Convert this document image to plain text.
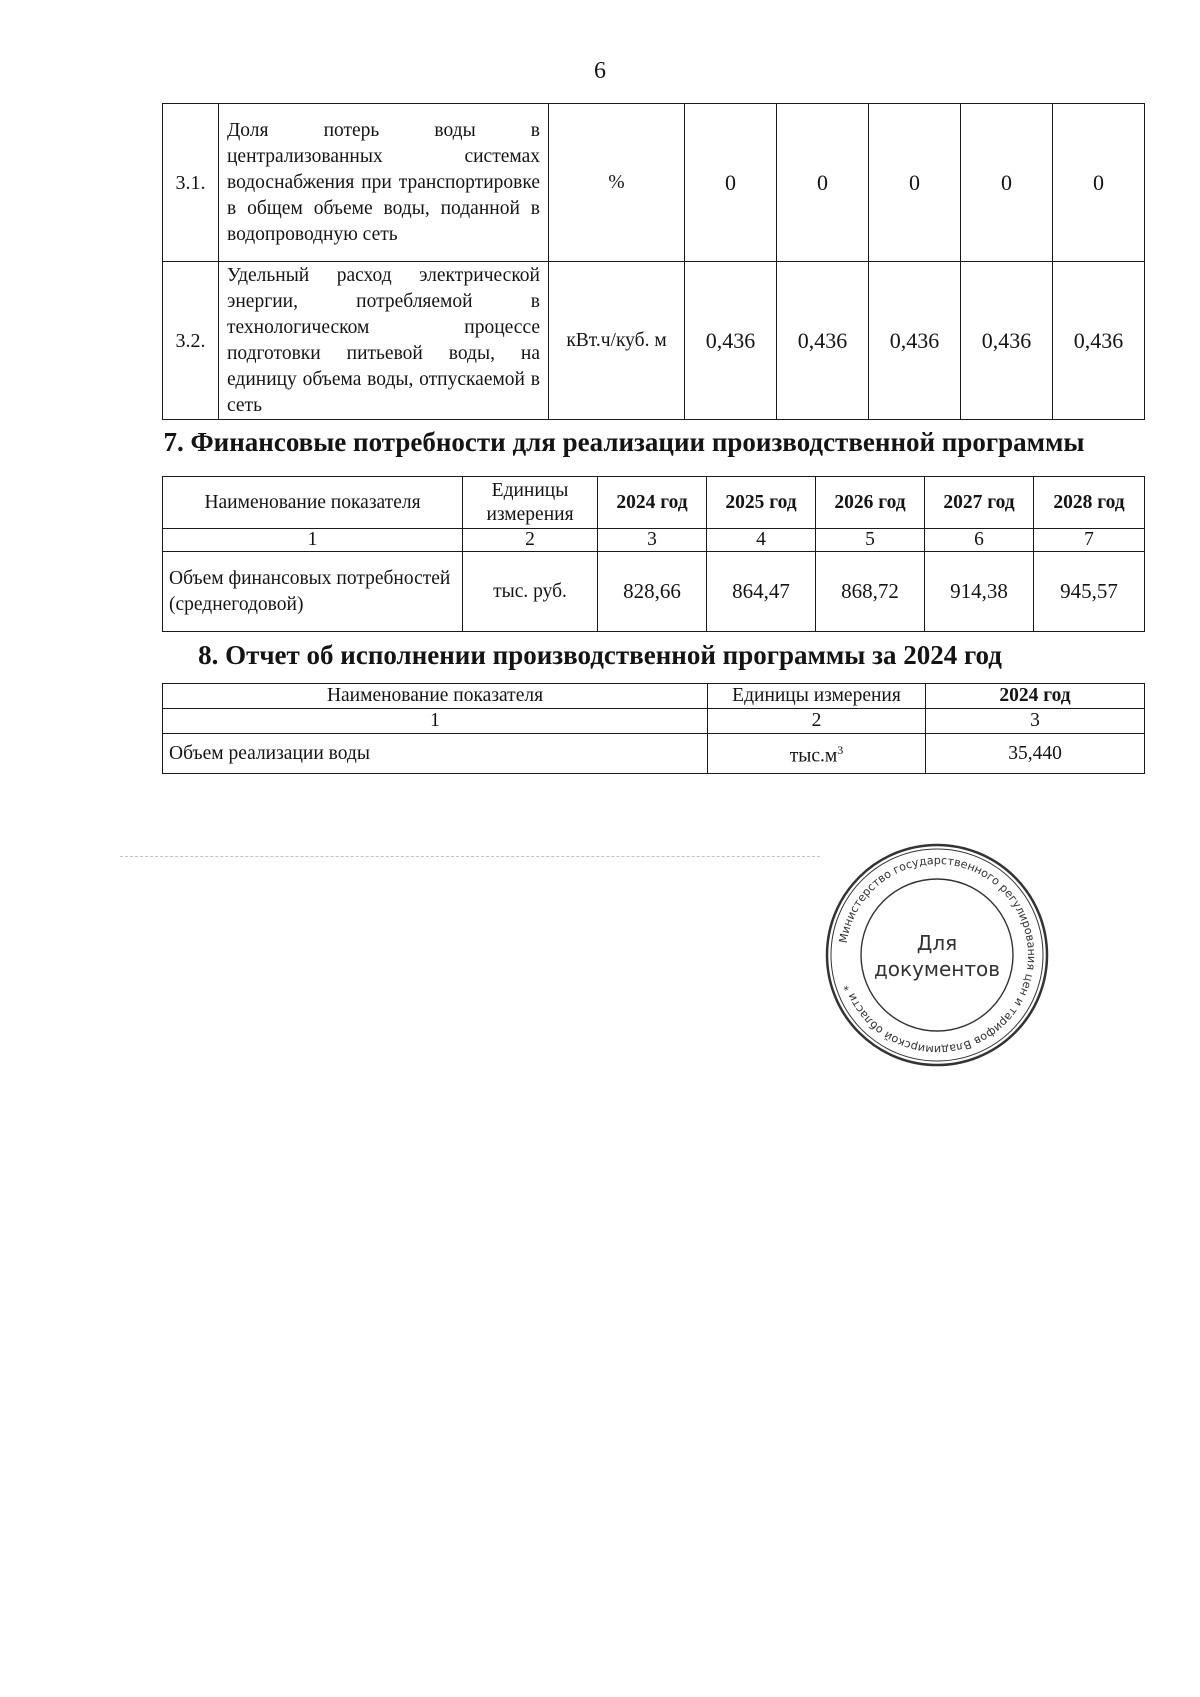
6
3.1.	Доля потерь воды в централизованных системах водоснабжения при транспортировке в общем объеме воды, поданной в водопроводную сеть	%	0	0	0	0	0
3.2.	Удельный расход электрической энергии, потребляемой в технологическом процессе подготовки питьевой воды, на единицу объема воды, отпускаемой в сеть	кВт.ч/куб. м	0,436	0,436	0,436	0,436	0,436
7. Финансовые потребности для реализации производственной программы
Наименование показателя	Единицы измерения	2024 год	2025 год	2026 год	2027 год	2028 год
1	2	3	4	5	6	7
Объем финансовых потребностей (среднегодовой)	тыс. руб.	828,66	864,47	868,72	914,38	945,57
8. Отчет об исполнении производственной программы за 2024 год
Наименование показателя	Единицы измерения	2024 год
1	2	3
Объем реализации воды	$тыс.м^3$	35,440
Министерство государственного регулирования цен и тарифов Владимирской области *
Для
документов
